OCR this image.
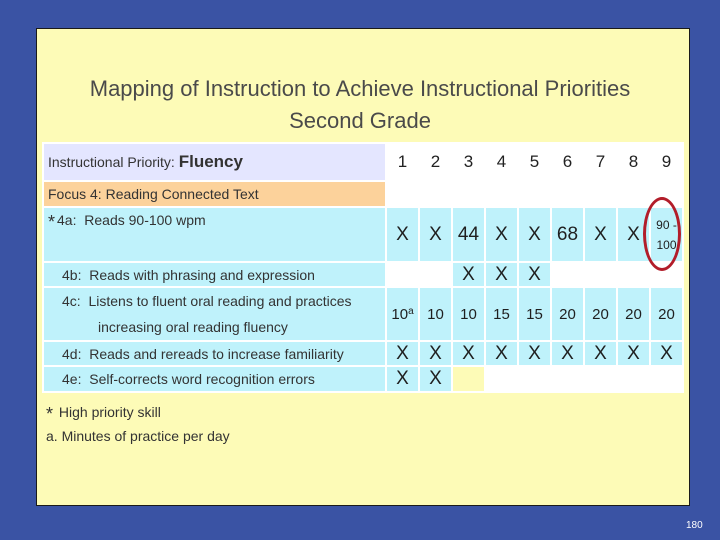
Mapping of Instruction to Achieve Instructional Priorities
Second Grade
Instructional Priority: Fluency	1	2	3	4	5	6	7	8	9
Focus 4: Reading Connected Text									
* 4a: Reads 90-100 wpm	X	X	44	X	X	68	X	X	90 - 100

4b: Reads with phrasing and expression			X	X	X				
4c: Listens to fluent oral reading and practices
increasing oral reading fluency	10$^a$	10	10	15	15	20	20	20	20
4d: Reads and rereads to increase familiarity	X	X	X	X	X	X	X	X	X
4e: Self-corrects word recognition errors	X	X							
* High priority skill
a. Minutes of practice per day
180
